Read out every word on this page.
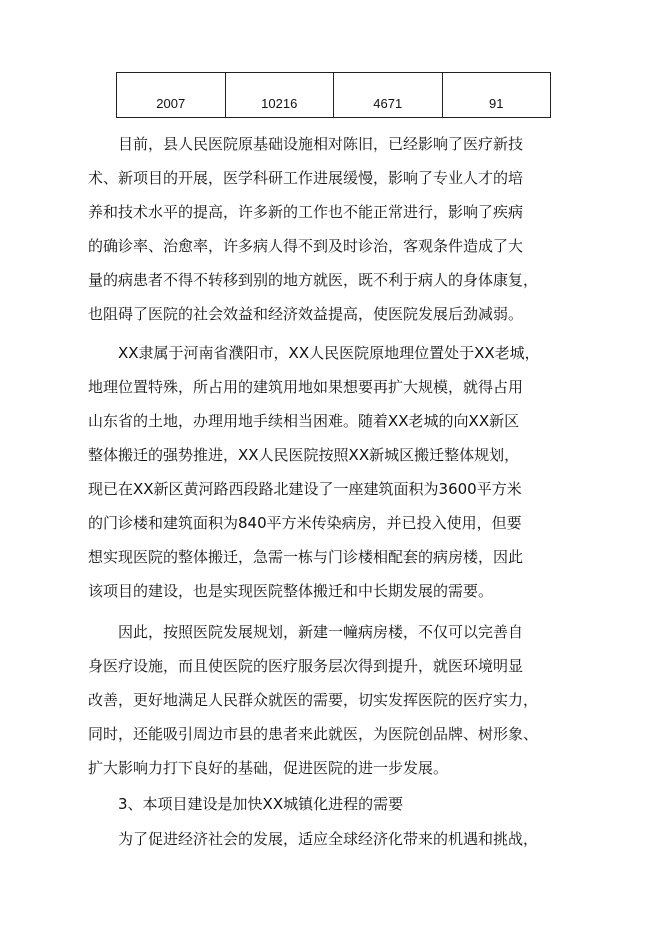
2007	10216	4671	91
目前，县人民医院原基础设施相对陈旧，已经影响了医疗新技
术、新项目的开展，医学科研工作进展缓慢，影响了专业人才的培
养和技术水平的提高，许多新的工作也不能正常进行，影响了疾病
的确诊率、治愈率，许多病人得不到及时诊治，客观条件造成了大
量的病患者不得不转移到别的地方就医，既不利于病人的身体康复，
也阻碍了医院的社会效益和经济效益提高，使医院发展后劲减弱。
XX隶属于河南省濮阳市，XX人民医院原地理位置处于XX老城，
地理位置特殊，所占用的建筑用地如果想要再扩大规模，就得占用
山东省的土地，办理用地手续相当困难。随着XX老城的向XX新区
整体搬迁的强势推进，XX人民医院按照XX新城区搬迁整体规划，
现已在XX新区黄河路西段路北建设了一座建筑面积为3600平方米
的门诊楼和建筑面积为840平方米传染病房，并已投入使用，但要
想实现医院的整体搬迁，急需一栋与门诊楼相配套的病房楼，因此
该项目的建设，也是实现医院整体搬迁和中长期发展的需要。
因此，按照医院发展规划，新建一幢病房楼，不仅可以完善自
身医疗设施，而且使医院的医疗服务层次得到提升，就医环境明显
改善，更好地满足人民群众就医的需要，切实发挥医院的医疗实力，
同时，还能吸引周边市县的患者来此就医，为医院创品牌、树形象、
扩大影响力打下良好的基础，促进医院的进一步发展。
3、本项目建设是加快XX城镇化进程的需要
为了促进经济社会的发展，适应全球经济化带来的机遇和挑战，
